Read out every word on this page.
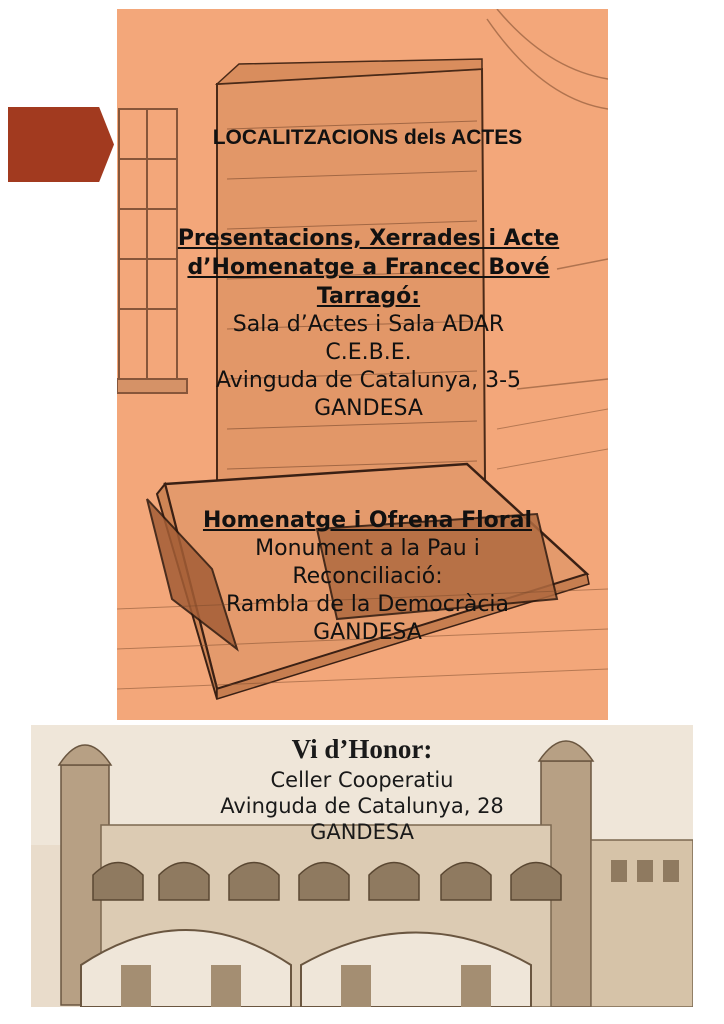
LOCALITZACIONS dels ACTES

Presentacions, Xerrades i Acte

d’Homenatge a Francec Bové

Tarragó:

Sala d’Actes i Sala ADAR

C.E.B.E.

Avinguda de Catalunya, 3-5

GANDESA

Homenatge i Ofrena Floral

Monument a la Pau i

Reconciliació:

Rambla de la Democràcia

GANDESA

Vi d’Honor:

Celler Cooperatiu

Avinguda de Catalunya, 28

GANDESA
